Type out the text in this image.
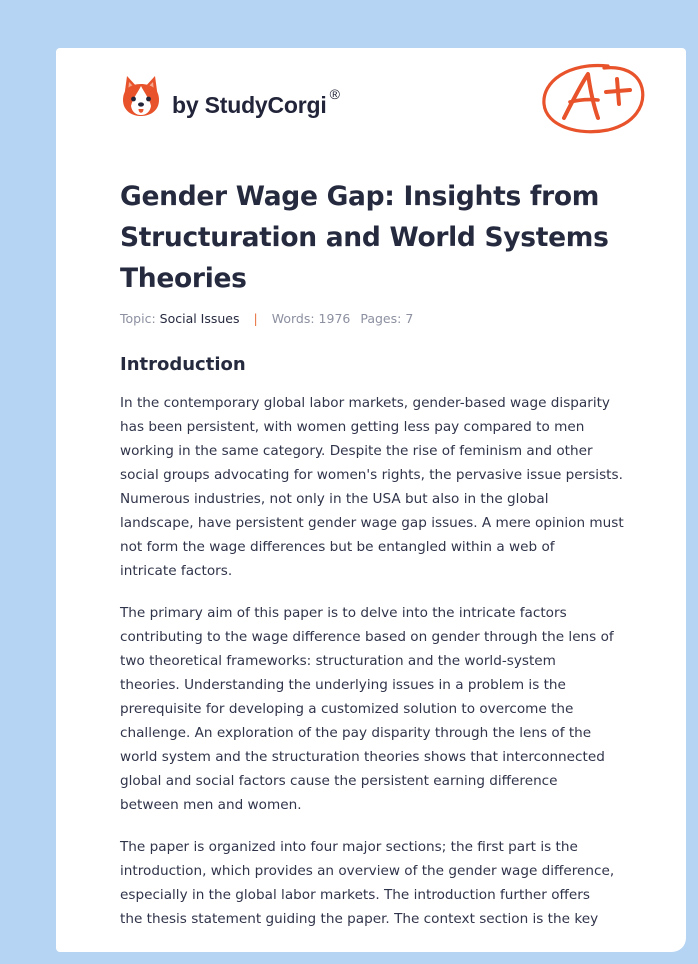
by StudyCorgi ®
Gender Wage Gap: Insights from Structuration and World Systems Theories
Topic: Social Issues | Words: 1976 Pages: 7
Introduction

In the contemporary global labor markets, gender-based wage disparity
has been persistent, with women getting less pay compared to men
working in the same category. Despite the rise of feminism and other
social groups advocating for women's rights, the pervasive issue persists.
Numerous industries, not only in the USA but also in the global
landscape, have persistent gender wage gap issues. A mere opinion must
not form the wage differences but be entangled within a web of
intricate factors.

The primary aim of this paper is to delve into the intricate factors
contributing to the wage difference based on gender through the lens of
two theoretical frameworks: structuration and the world-system
theories. Understanding the underlying issues in a problem is the
prerequisite for developing a customized solution to overcome the
challenge. An exploration of the pay disparity through the lens of the
world system and the structuration theories shows that interconnected
global and social factors cause the persistent earning difference
between men and women.

The paper is organized into four major sections; the first part is the
introduction, which provides an overview of the gender wage difference,
especially in the global labor markets. The introduction further offers
the thesis statement guiding the paper. The context section is the key
